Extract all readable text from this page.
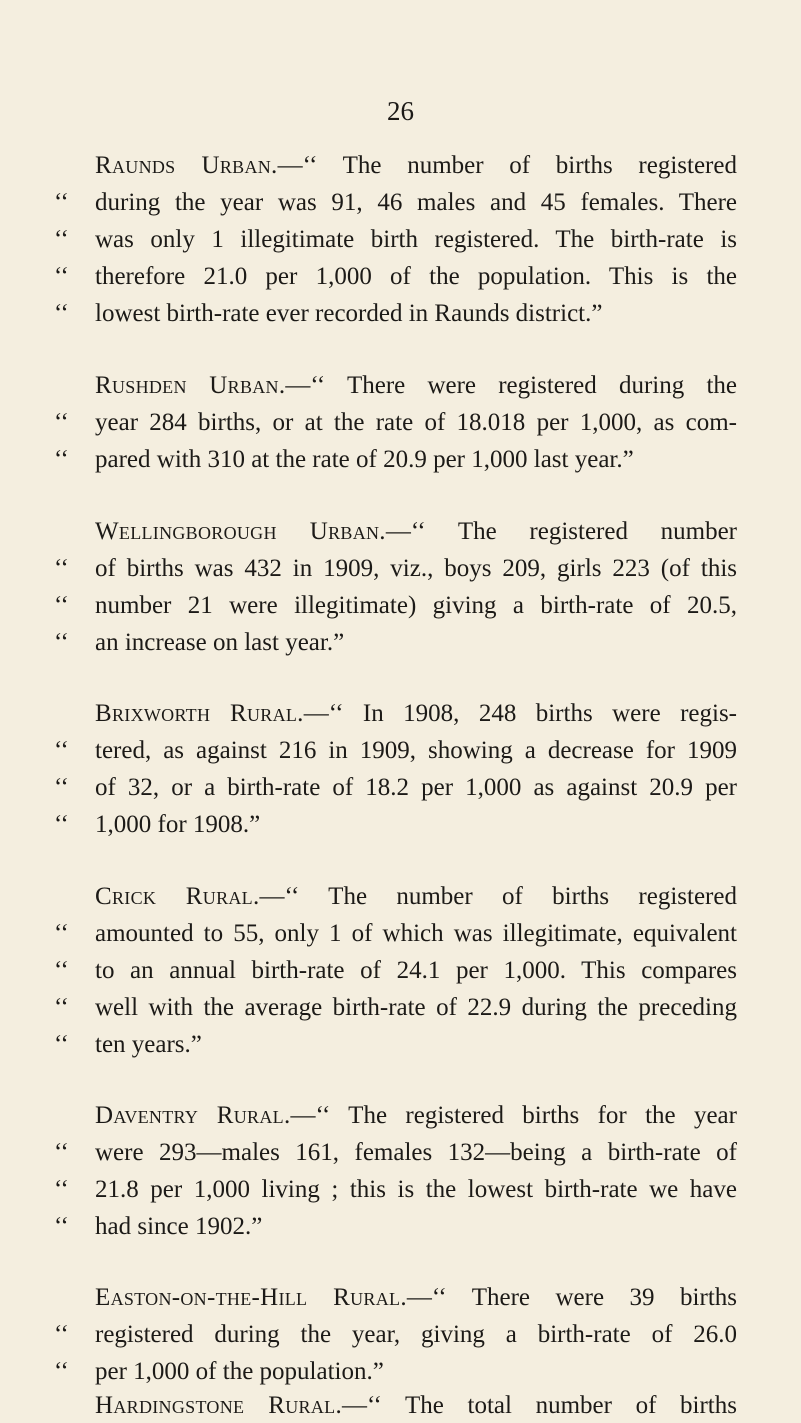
26
Raunds Urban.—‘‘ The number of births registered
‘‘ during the year was 91, 46 males and 45 females. There
‘‘ was only 1 illegitimate birth registered. The birth-rate is
‘‘ therefore 21.0 per 1,000 of the population. This is the
‘‘ lowest birth-rate ever recorded in Raunds district.”
Rushden Urban.—‘‘ There were registered during the
‘‘ year 284 births, or at the rate of 18.018 per 1,000, as com-
‘‘ pared with 310 at the rate of 20.9 per 1,000 last year.”
Wellingborough Urban.—‘‘ The registered number
‘‘ of births was 432 in 1909, viz., boys 209, girls 223 (of this
‘‘ number 21 were illegitimate) giving a birth-rate of 20.5,
‘‘ an increase on last year.”
Brixworth Rural.—‘‘ In 1908, 248 births were regis-
‘‘ tered, as against 216 in 1909, showing a decrease for 1909
‘‘ of 32, or a birth-rate of 18.2 per 1,000 as against 20.9 per
‘‘ 1,000 for 1908.”
Crick Rural.—‘‘ The number of births registered
‘‘ amounted to 55, only 1 of which was illegitimate, equivalent
‘‘ to an annual birth-rate of 24.1 per 1,000. This compares
‘‘ well with the average birth-rate of 22.9 during the preceding
‘‘ ten years.”
Daventry Rural.—‘‘ The registered births for the year
‘‘ were 293—males 161, females 132—being a birth-rate of
‘‘ 21.8 per 1,000 living ; this is the lowest birth-rate we have
‘‘ had since 1902.”
Easton-on-the-Hill Rural.—‘‘ There were 39 births
‘‘ registered during the year, giving a birth-rate of 26.0
‘‘ per 1,000 of the population.”
Hardingstone Rural.—‘‘ The total number of births
